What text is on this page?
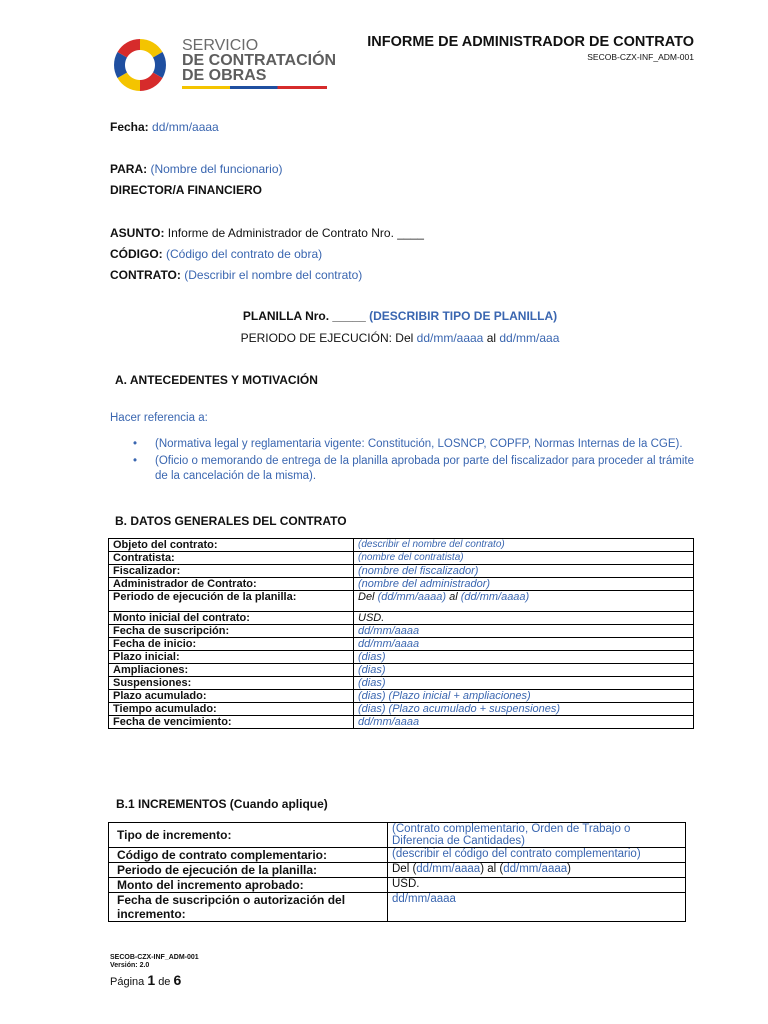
SERVICIO
DE CONTRATACIÓN
DE OBRAS
INFORME DE ADMINISTRADOR DE CONTRATO
SECOB-CZX-INF_ADM-001
Fecha: dd/mm/aaaa
PARA: (Nombre del funcionario)
DIRECTOR/A FINANCIERO
ASUNTO: Informe de Administrador de Contrato Nro. ____
CÓDIGO: (Código del contrato de obra)
CONTRATO: (Describir el nombre del contrato)
PLANILLA Nro. _____ (DESCRIBIR TIPO DE PLANILLA)
PERIODO DE EJECUCIÓN: Del dd/mm/aaaa al dd/mm/aaa
A. ANTECEDENTES Y MOTIVACIÓN
Hacer referencia a:
• (Normativa legal y reglamentaria vigente: Constitución, LOSNCP, COPFP, Normas Internas de la CGE).
• (Oficio o memorando de entrega de la planilla aprobada por parte del fiscalizador para proceder al trámite de la cancelación de la misma).
B. DATOS GENERALES DEL CONTRATO
Objeto del contrato:	(describir el nombre del contrato)
Contratista:	(nombre del contratista)
Fiscalizador:	(nombre del fiscalizador)
Administrador de Contrato:	(nombre del administrador)
Periodo de ejecución de la planilla:	Del (dd/mm/aaaa) al (dd/mm/aaaa)
Monto inicial del contrato:	USD.
Fecha de suscripción:	dd/mm/aaaa
Fecha de inicio:	dd/mm/aaaa
Plazo inicial:	(dias)
Ampliaciones:	(dias)
Suspensiones:	(dias)
Plazo acumulado:	(dias) (Plazo inicial + ampliaciones)
Tiempo acumulado:	(dias) (Plazo acumulado + suspensiones)
Fecha de vencimiento:	dd/mm/aaaa
B.1 INCREMENTOS (Cuando aplique)
Tipo de incremento:	(Contrato complementario, Orden de Trabajo o Diferencia de Cantidades)
Código de contrato complementario:	(describir el código del contrato complementario)
Periodo de ejecución de la planilla:	Del (dd/mm/aaaa) al (dd/mm/aaaa)
Monto del incremento aprobado:	USD.
Fecha de suscripción o autorización del incremento:	dd/mm/aaaa
SECOB-CZX-INF_ADM-001
Versión: 2.0
Página 1 de 6
